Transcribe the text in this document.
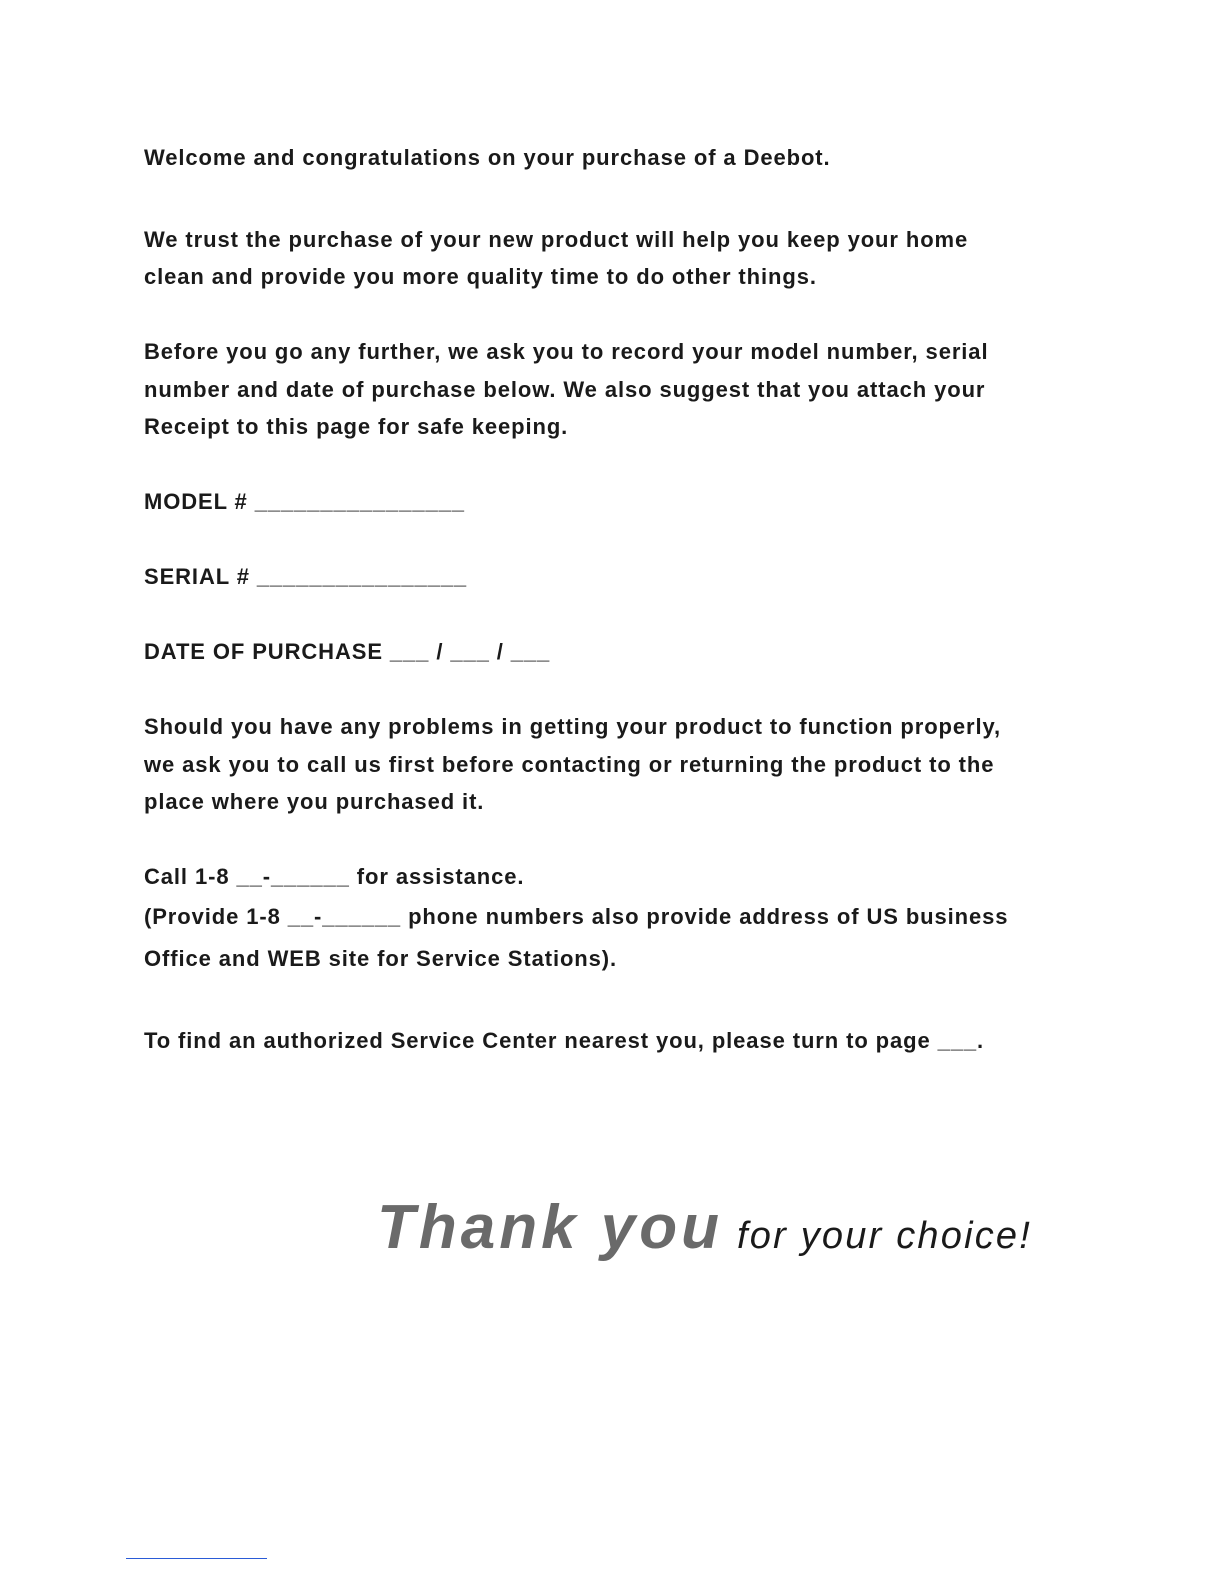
Welcome and congratulations on your purchase of a Deebot.
We trust the purchase of your new product will help you keep your home
clean and provide you more quality time to do other things.
Before you go any further, we ask you to record your model number, serial
number and date of purchase below. We also suggest that you attach your
Receipt to this page for safe keeping.
MODEL # ________________
SERIAL # ________________
DATE OF PURCHASE ___ / ___ / ___
Should you have any problems in getting your product to function properly,
we ask you to call us first before contacting or returning the product to the
place where you purchased it.
Call 1-8 __-______ for assistance.
(Provide 1-8 __-______ phone numbers also provide address of US business
Office and WEB site for Service Stations).
To find an authorized Service Center nearest you, please turn to page ___.
Thank you for your choice!
